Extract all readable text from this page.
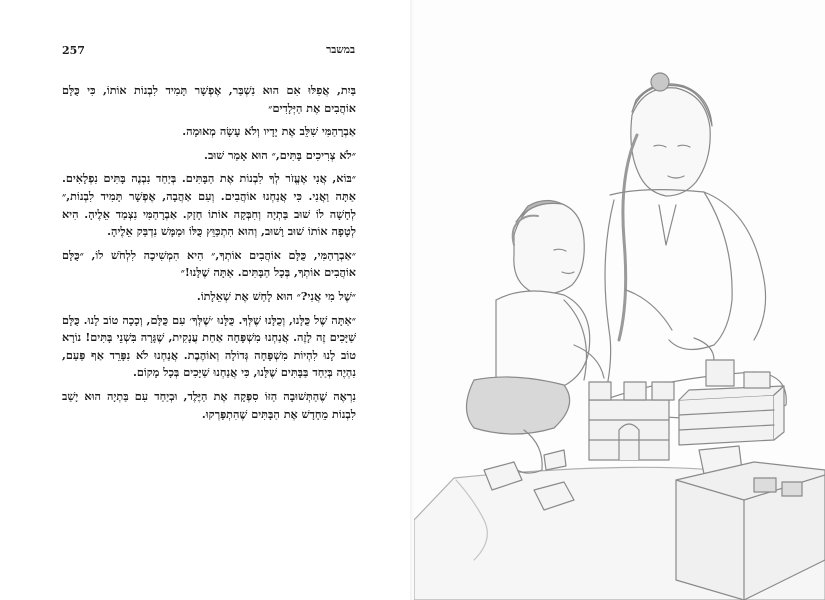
257	במשבר

בַּיִת, אֲפִלּוּ אִם הוּא נִשְׁבַּר, אֶפְשָׁר תָּמִיד לִבְנוֹת אוֹתוֹ, כִּי כֻּלָּם אוֹהֲבִים אֶת הַיְּלָדִים״

אַבְרָהַמִּי שִׁלֵּב אֶת יָדָיו וְלֹא עָשָׂה מְאוּמָה.

״לֹא צְרִיכִים בָּתִּים,״ הוּא אָמַר שׁוּב.

״בּוֹא, אֲנִי אֶעֱזֹר לְךָ לִבְנוֹת אֶת הַבָּתִּים. בְּיַחַד נִבְנֶה בָּתִּים נִפְלָאִים. אַתָּה וַאֲנִי. כִּי אֲנַחְנוּ אוֹהֲבִים. וְעִם אַהֲבָה, אֶפְשָׁר תָּמִיד לִבְנוֹת,״ לְחָשָׁה לוֹ שׁוּב בַּתְיָה וְחִבְּקָה אוֹתוֹ חָזָק. אַבְרָהַמִּי נִצְמַד אֵלֶיהָ. הִיא לְטָפָה אוֹתוֹ שׁוּב וָשׁוּב, וְהוּא הִתְכַּוֵּץ כֻּלּוֹ וּמַמָּשׁ נִדְבַּק אֵלֶיהָ.

״אַבְרָהַמִּי, כֻּלָּם אוֹהֲבִים אוֹתְךָ,״ הִיא הִמְשִׁיכָה לִלְחֹשׁ לוֹ, ״כֻּלָּם אוֹהֲבִים אוֹתְךָ, בְּכָל הַבָּתִּים. אַתָּה שֶׁלָּנוּ!״

״שֶׁל מִי אֲנִי?״ הוּא לָחַשׁ אֶת שְׁאֵלָתוֹ.

״אַתָּה שֶׁל כֻּלָּנוּ, וְכֻלָּנוּ שֶׁלְּךָ. כֻּלָּנוּ ׳שֶׁלְּךָ׳ עִם כֻּלָּם, וְכָכָה טוֹב לָנוּ. כֻּלָּם שַׁיָּכִים זֶה לָזֶה. אֲנַחְנוּ מִשְׁפָּחָה אַחַת עֲנָקִית, שֶׁגָּרָה בִּשְׁנֵי בָּתִּים! נוֹרָא טוֹב לָנוּ לִהְיוֹת מִשְׁפָּחָה גְּדוֹלָה וְאוֹהֶבֶת. אֲנַחְנוּ לֹא נִפָּרֵד אַף פַּעַם, נִהְיֶה בְּיַחַד בַּבָּתִּים שֶׁלָּנוּ, כִּי אֲנַחְנוּ שַׁיָּכִים בְּכָל מָקוֹם.

נִרְאֶה שֶׁהַתְּשׁוּבָה הַזּוֹ סִפְּקָה אֶת הַיֶּלֶד, וּבְיַחַד עִם בַּתְיָה הוּא יָשַׁב לִבְנוֹת מֵחָדָשׁ אֶת הַבָּתִּים שֶׁהִתְפָּרְקוּ.
